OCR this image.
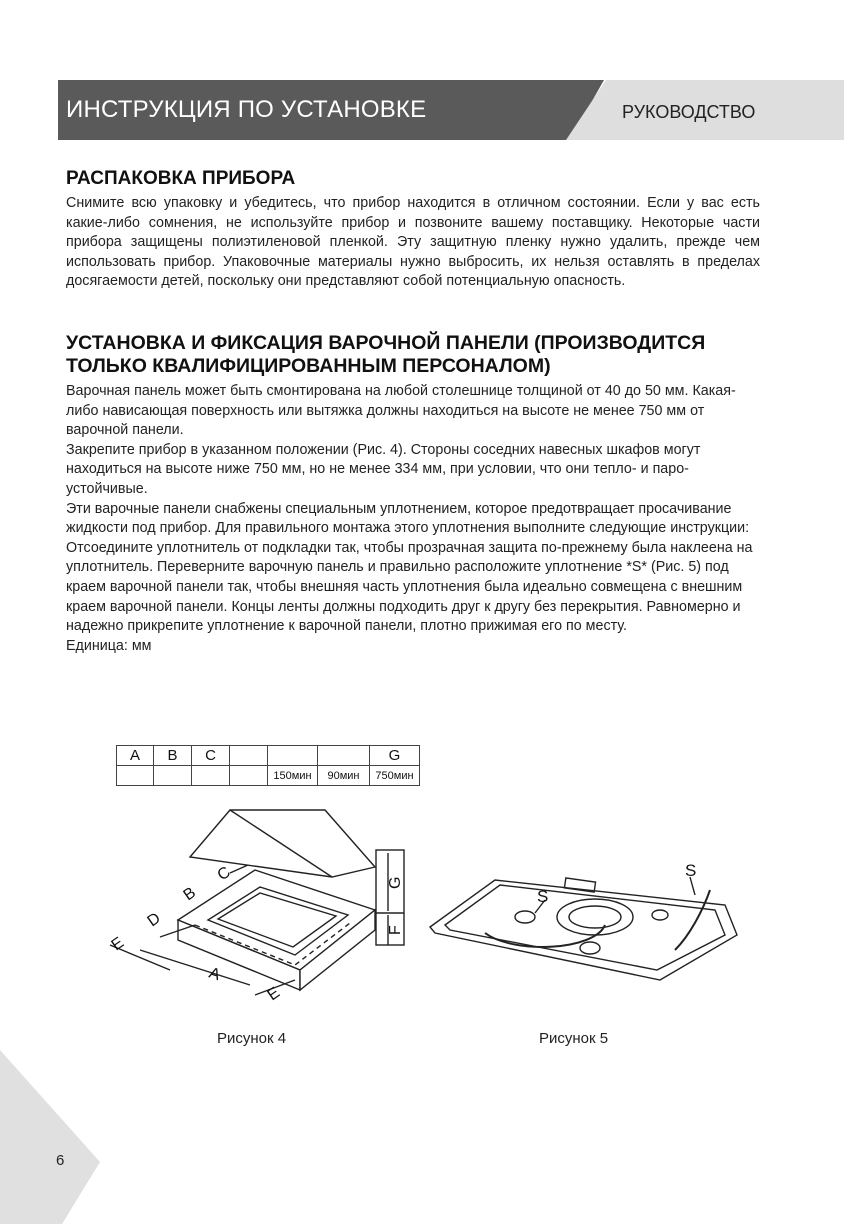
ИНСТРУКЦИЯ ПО УСТАНОВКЕ	РУКОВОДСТВО
РАСПАКОВКА ПРИБОРА

Снимите всю упаковку и убедитесь, что прибор находится в отличном состоянии. Если у вас есть какие-либо сомнения, не используйте прибор и позвоните вашему поставщику. Некоторые части прибора защищены полиэтиленовой пленкой. Эту защитную пленку нужно удалить, прежде чем использовать прибор. Упаковочные материалы нужно выбросить, их нельзя оставлять в пределах досягаемости детей, поскольку они представляют собой потенциальную опасность.

УСТАНОВКА И ФИКСАЦИЯ ВАРОЧНОЙ ПАНЕЛИ (ПРОИЗВОДИТСЯ ТОЛЬКО КВАЛИФИЦИРОВАННЫМ ПЕРСОНАЛОМ)

Варочная панель может быть смонтирована на любой столешнице толщиной от 40 до 50 мм. Какая-либо нависающая поверхность или вытяжка должны находиться на высоте не менее 750 мм от варочной панели.

Закрепите прибор в указанном положении (Рис. 4). Стороны соседних навесных шкафов могут находиться на высоте ниже 750 мм, но не менее 334 мм, при условии, что они тепло- и паро-устойчивые.

Эти варочные панели снабжены специальным уплотнением, которое предотвращает просачивание жидкости под прибор. Для правильного монтажа этого уплотнения выполните следующие инструкции:

Отсоедините уплотнитель от подкладки так, чтобы прозрачная защита по-прежнему была наклеена на уплотнитель. Переверните варочную панель и правильно расположите уплотнение *S* (Рис. 5) под краем варочной панели так, чтобы внешняя часть уплотнения была идеально совмещена с внешним краем варочной панели. Концы ленты должны подходить друг к другу без перекрытия. Равномерно и надежно прикрепите уплотнение к варочной панели, плотно прижимая его по месту.

Единица: мм

A	B	C				G
				150мин	90мин	750мин
A
B
C
D
E
E
F
G
S
S
Рисунок 4	Рисунок 5
6
